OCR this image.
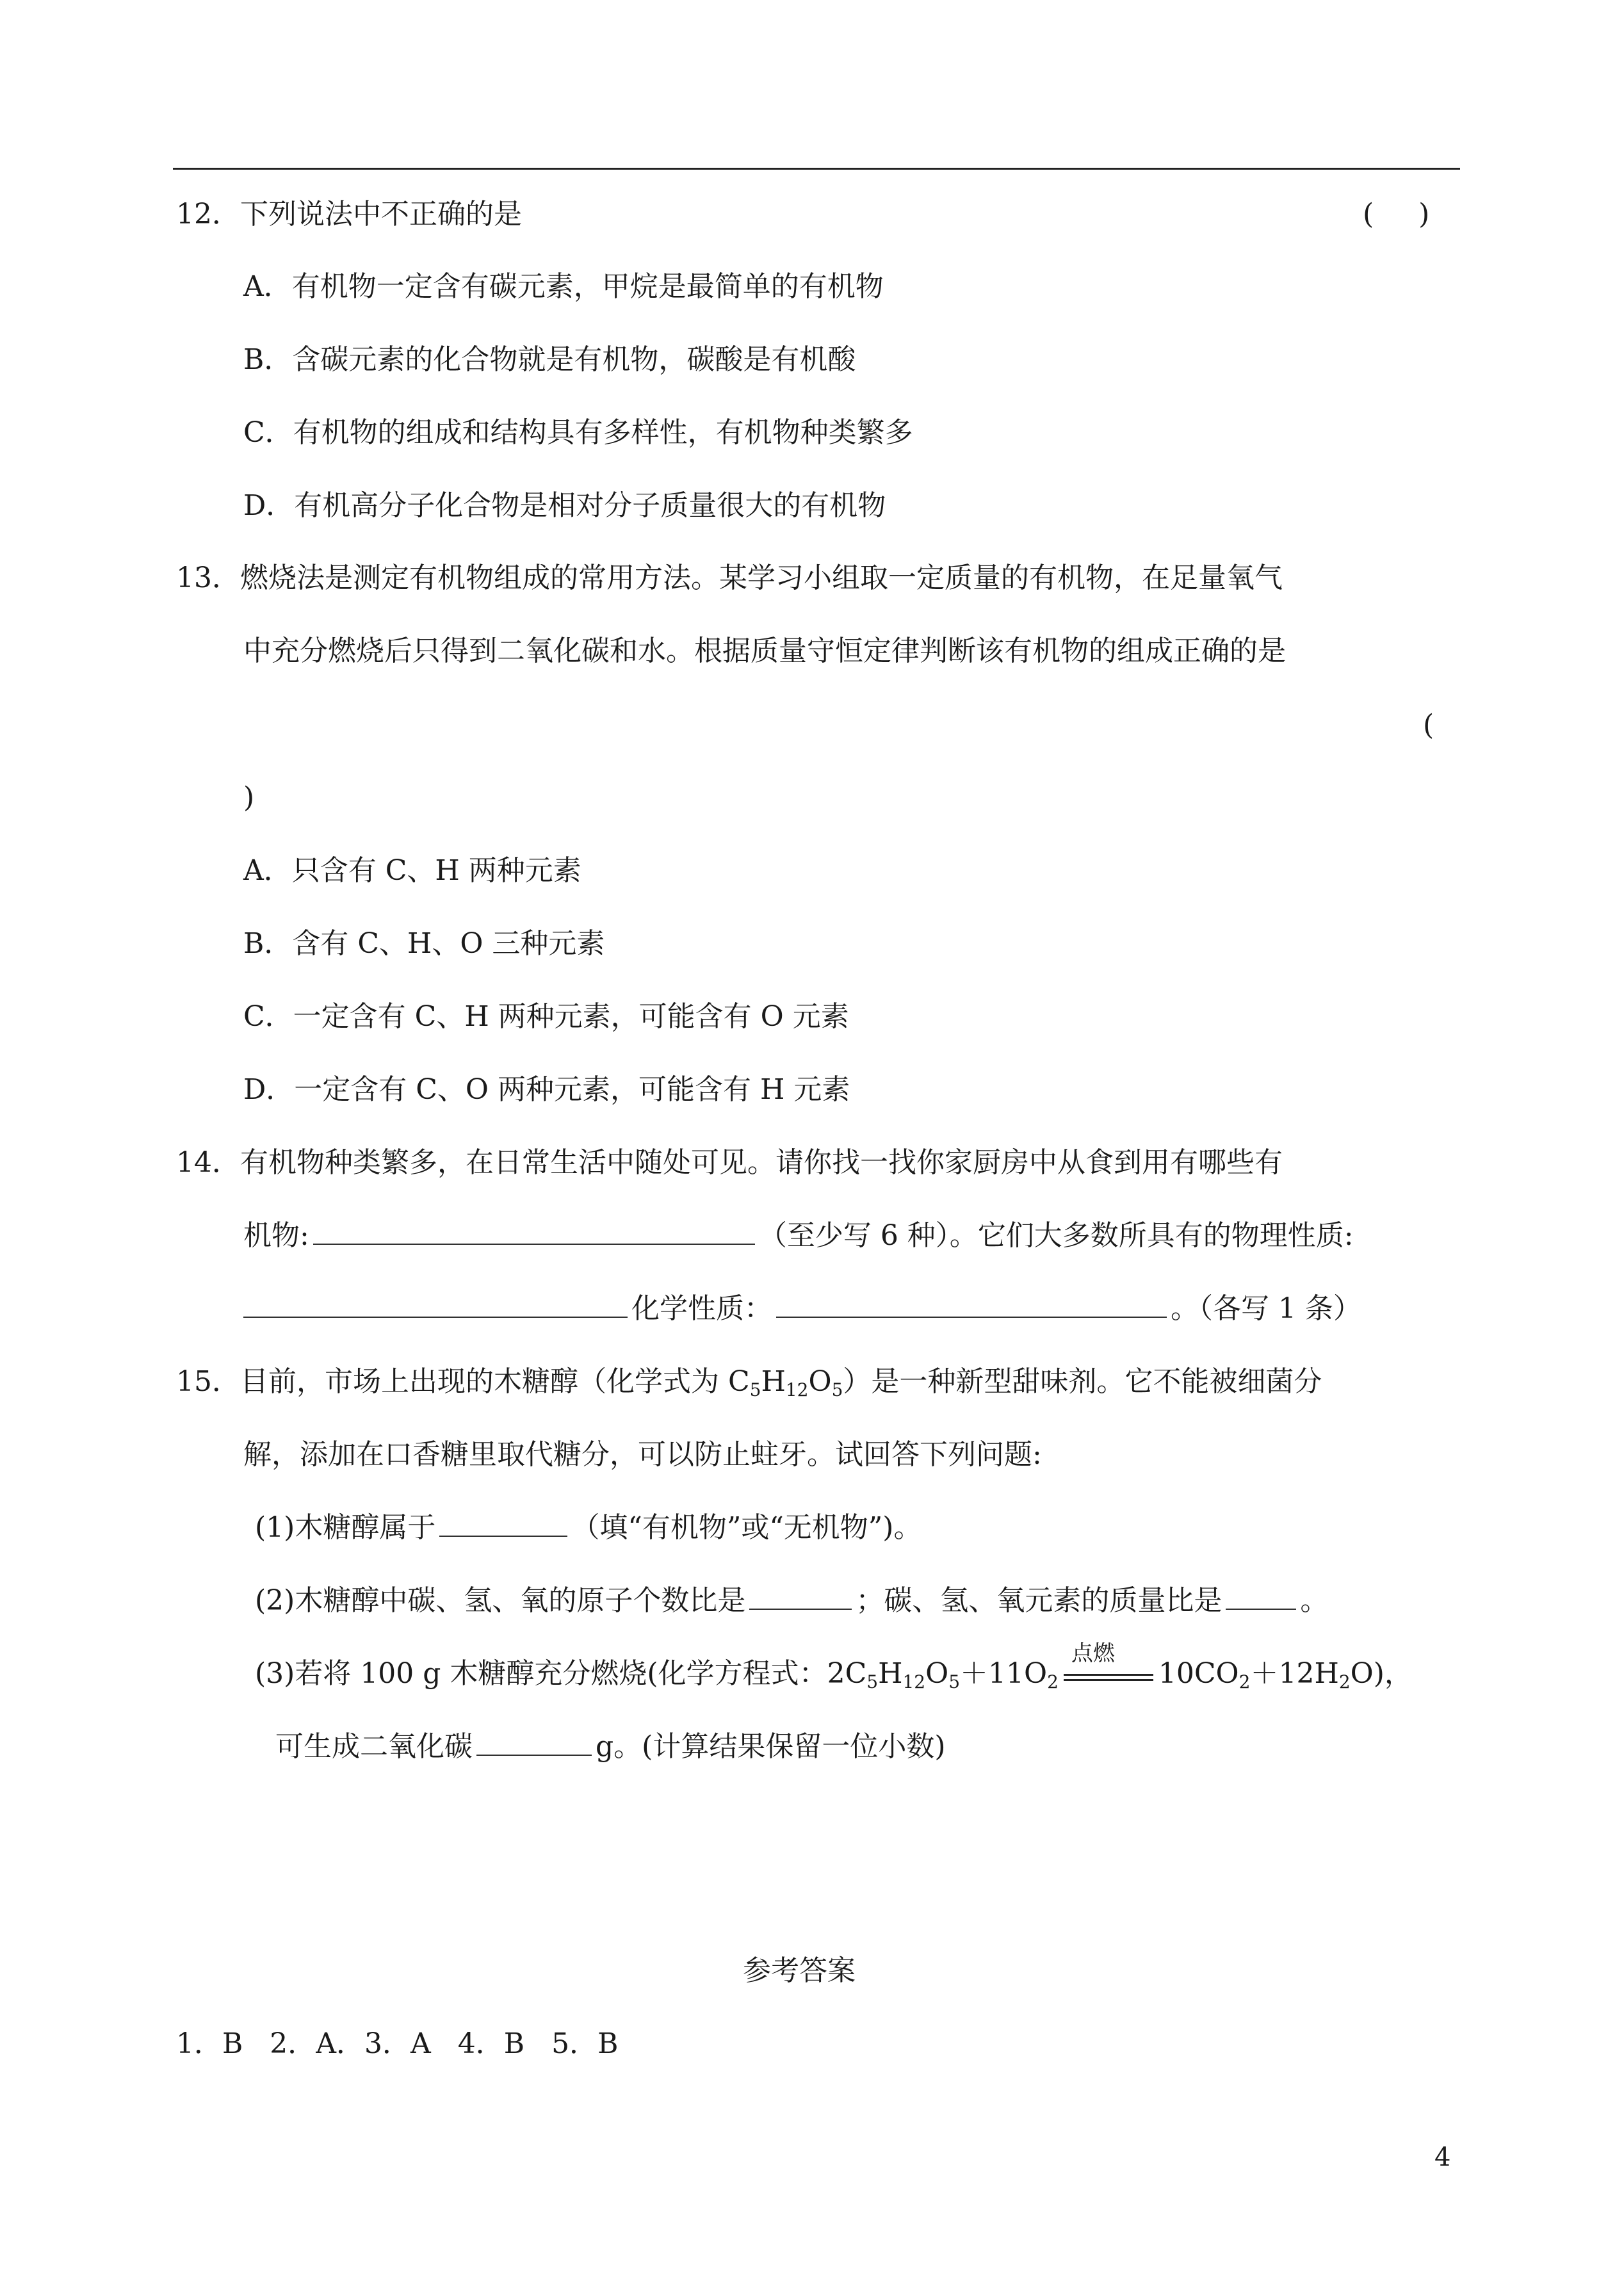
12．下列说法中不正确的是	(     )
A．有机物一定含有碳元素，甲烷是最简单的有机物
B．含碳元素的化合物就是有机物，碳酸是有机酸
C．有机物的组成和结构具有多样性，有机物种类繁多
D．有机高分子化合物是相对分子质量很大的有机物
13．燃烧法是测定有机物组成的常用方法。某学习小组取一定质量的有机物，在足量氧气
中充分燃烧后只得到二氧化碳和水。根据质量守恒定律判断该有机物的组成正确的是
(
)
A．只含有 C、H 两种元素
B．含有 C、H、O 三种元素
C．一定含有 C、H 两种元素，可能含有 O 元素
D．一定含有 C、O 两种元素，可能含有 H 元素
14．有机物种类繁多，在日常生活中随处可见。请你找一找你家厨房中从食到用有哪些有
机物:	（至少写 6 种）。它们大多数所具有的物理性质:
化学性质：	。（各写 1 条）
15．目前，市场上出现的木糖醇（化学式为 $C_5H_{12}O_5$）是一种新型甜味剂。它不能被细菌分
解，添加在口香糖里取代糖分，可以防止蛀牙。试回答下列问题:
(1)木糖醇属于	（填“有机物”或“无机物”)。
(2)木糖醇中碳、氢、氧的原子个数比是	；碳、氢、氧元素的质量比是	。
(3)若将 100 g 木糖醇充分燃烧(化学方程式：$2C_5H_{12}O_5+11O_2$
点燃
$10CO_2+12H_2O$)，
可生成二氧化碳	g。(计算结果保留一位小数)
参考答案
1．B   2．A．3．A   4．B   5．B
4
